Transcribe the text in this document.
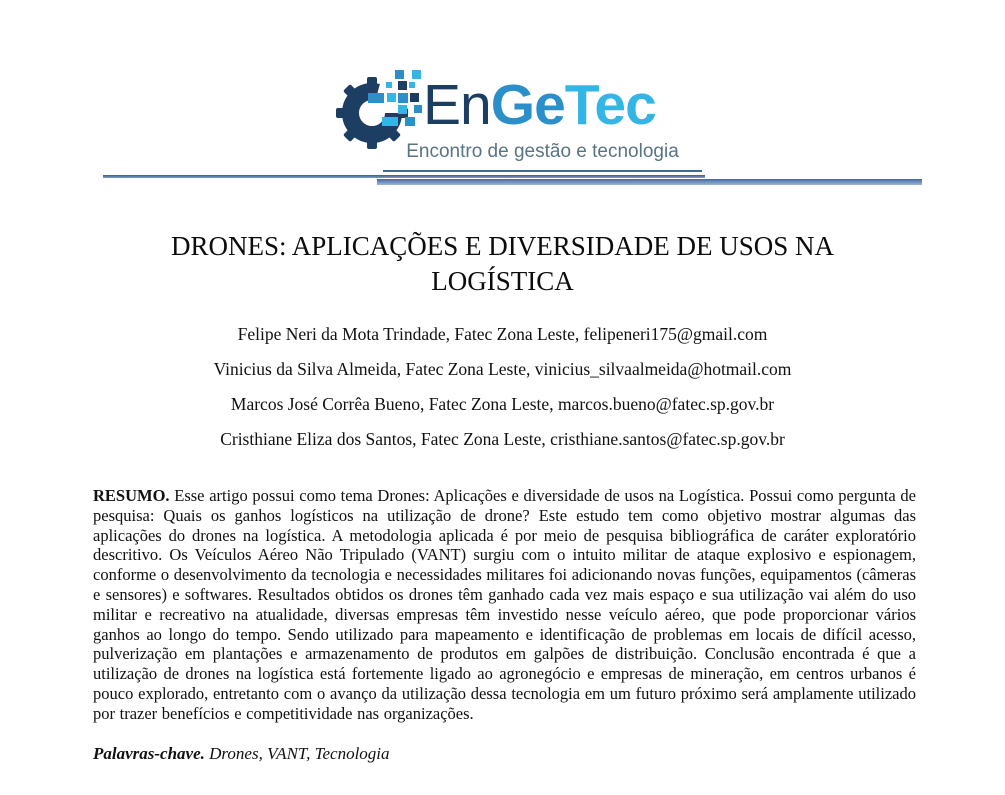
EnGeTec
Encontro de gestão e tecnologia
DRONES: APLICAÇÕES E DIVERSIDADE DE USOS NA
LOGÍSTICA
Felipe Neri da Mota Trindade, Fatec Zona Leste, felipeneri175@gmail.com
Vinicius da Silva Almeida, Fatec Zona Leste, vinicius_silvaalmeida@hotmail.com
Marcos José Corrêa Bueno, Fatec Zona Leste, marcos.bueno@fatec.sp.gov.br
Cristhiane Eliza dos Santos, Fatec Zona Leste, cristhiane.santos@fatec.sp.gov.br

RESUMO. Esse artigo possui como tema Drones: Aplicações e diversidade de usos na Logística. Possui como pergunta de pesquisa: Quais os ganhos logísticos na utilização de drone? Este estudo tem como objetivo mostrar algumas das aplicações do drones na logística. A metodologia aplicada é por meio de pesquisa bibliográfica de caráter exploratório descritivo. Os Veículos Aéreo Não Tripulado (VANT) surgiu com o intuito militar de ataque explosivo e espionagem, conforme o desenvolvimento da tecnologia e necessidades militares foi adicionando novas funções, equipamentos (câmeras e sensores) e softwares. Resultados obtidos os drones têm ganhado cada vez mais espaço e sua utilização vai além do uso militar e recreativo na atualidade, diversas empresas têm investido nesse veículo aéreo, que pode proporcionar vários ganhos ao longo do tempo. Sendo utilizado para mapeamento e identificação de problemas em locais de difícil acesso, pulverização em plantações e armazenamento de produtos em galpões de distribuição. Conclusão encontrada é que a utilização de drones na logística está fortemente ligado ao agronegócio e empresas de mineração, em centros urbanos é pouco explorado, entretanto com o avanço da utilização dessa tecnologia em um futuro próximo será amplamente utilizado por trazer benefícios e competitividade nas organizações.

Palavras-chave. Drones, VANT, Tecnologia
